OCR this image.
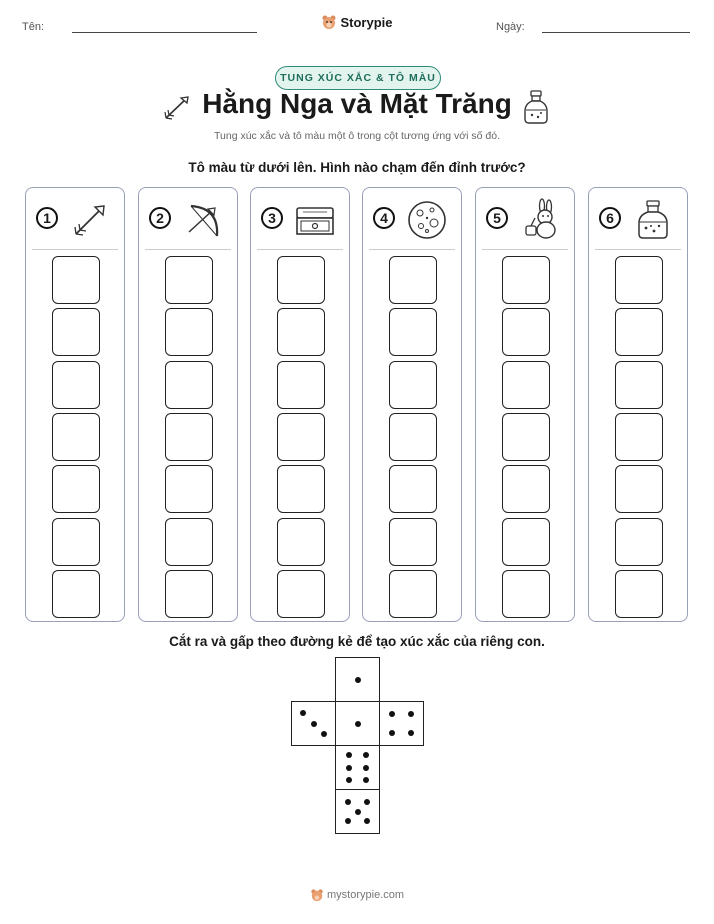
Tên:	Storypie	Ngày:
TUNG XÚC XẮC & TÔ MÀU
Hằng Nga và Mặt Trăng
Tung xúc xắc và tô màu một ô trong cột tương ứng với số đó.
Tô màu từ dưới lên. Hình nào chạm đến đỉnh trước?
1	2	3	4	5	6
Cắt ra và gấp theo đường kẻ để tạo xúc xắc của riêng con.
mystorypie.com
